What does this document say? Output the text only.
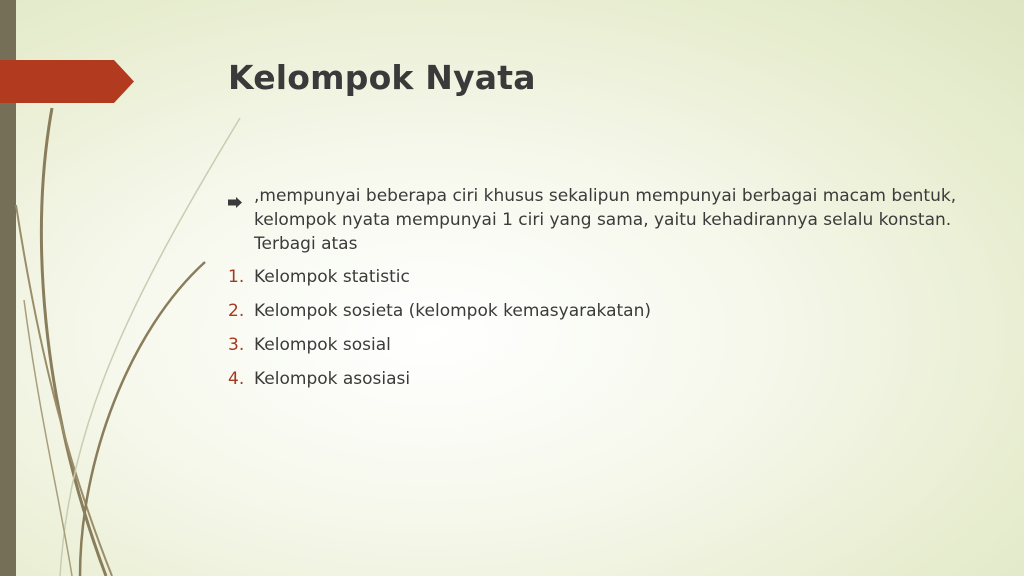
Kelompok Nyata
,mempunyai beberapa ciri khusus sekalipun mempunyai berbagai macam bentuk, kelompok nyata mempunyai 1 ciri yang sama, yaitu kehadirannya selalu konstan. Terbagi atas
1. Kelompok statistic
2. Kelompok sosieta (kelompok kemasyarakatan)
3. Kelompok sosial
4. Kelompok asosiasi
